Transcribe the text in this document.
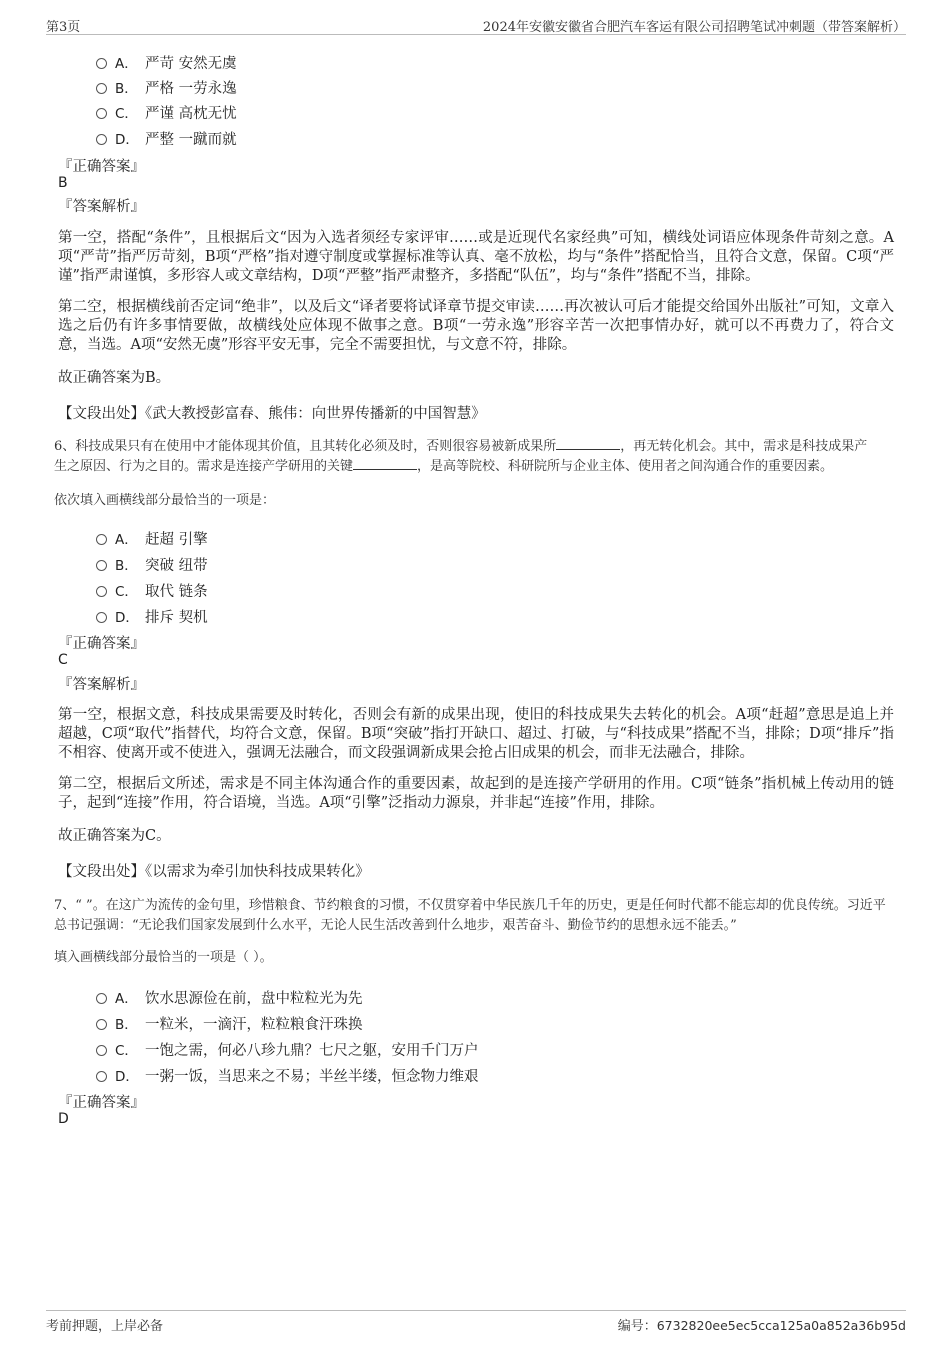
第3页	2024年安徽安徽省合肥汽车客运有限公司招聘笔试冲刺题（带答案解析）
A． 严苛 安然无虞
B． 严格 一劳永逸
C． 严谨 高枕无忧
D． 严整 一蹴而就
『正确答案』
B
『答案解析』
第一空，搭配“条件”，且根据后文“因为入选者须经专家评审……或是近现代名家经典”可知，横线处词语应体现条件苛刻之意。A项“严苛”指严厉苛刻，B项“严格”指对遵守制度或掌握标准等认真、毫不放松，均与“条件”搭配恰当，且符合文意，保留。C项“严谨”指严肃谨慎，多形容人或文章结构，D项“严整”指严肃整齐，多搭配“队伍”，均与“条件”搭配不当，排除。
第二空，根据横线前否定词“绝非”，以及后文“译者要将试译章节提交审读……再次被认可后才能提交给国外出版社”可知，文章入选之后仍有许多事情要做，故横线处应体现不做事之意。B项“一劳永逸”形容辛苦一次把事情办好，就可以不再费力了，符合文意，当选。A项“安然无虞”形容平安无事，完全不需要担忧，与文意不符，排除。
故正确答案为B。
【文段出处】《武大教授彭富春、熊伟：向世界传播新的中国智慧》
6、科技成果只有在使用中才能体现其价值，且其转化必须及时，否则很容易被新成果所	，再无转化机会。其中，需求是科技成果产
生之原因、行为之目的。需求是连接产学研用的关键	，是高等院校、科研院所与企业主体、使用者之间沟通合作的重要因素。
依次填入画横线部分最恰当的一项是：
A． 赶超 引擎
B． 突破 纽带
C． 取代 链条
D． 排斥 契机
『正确答案』
C
『答案解析』
第一空，根据文意，科技成果需要及时转化，否则会有新的成果出现，使旧的科技成果失去转化的机会。A项“赶超”意思是追上并超越，C项“取代”指替代，均符合文意，保留。B项“突破”指打开缺口、超过、打破，与“科技成果”搭配不当，排除；D项“排斥”指不相容、使离开或不使进入，强调无法融合，而文段强调新成果会抢占旧成果的机会，而非无法融合，排除。
第二空，根据后文所述，需求是不同主体沟通合作的重要因素，故起到的是连接产学研用的作用。C项“链条”指机械上传动用的链子，起到“连接”作用，符合语境，当选。A项“引擎”泛指动力源泉，并非起“连接”作用，排除。
故正确答案为C。
【文段出处】《以需求为牵引加快科技成果转化》
7、“ ”。在这广为流传的金句里，珍惜粮食、节约粮食的习惯，不仅贯穿着中华民族几千年的历史，更是任何时代都不能忘却的优良传统。习近平总书记强调：“无论我们国家发展到什么水平，无论人民生活改善到什么地步，艰苦奋斗、勤俭节约的思想永远不能丢。”
填入画横线部分最恰当的一项是（ ）。
A． 饮水思源俭在前，盘中粒粒光为先
B． 一粒米，一滴汗，粒粒粮食汗珠换
C． 一饱之需，何必八珍九鼎？七尺之躯，安用千门万户
D． 一粥一饭，当思来之不易；半丝半缕，恒念物力维艰
『正确答案』
D
考前押题，上岸必备	编号：6732820ee5ec5cca125a0a852a36b95d
